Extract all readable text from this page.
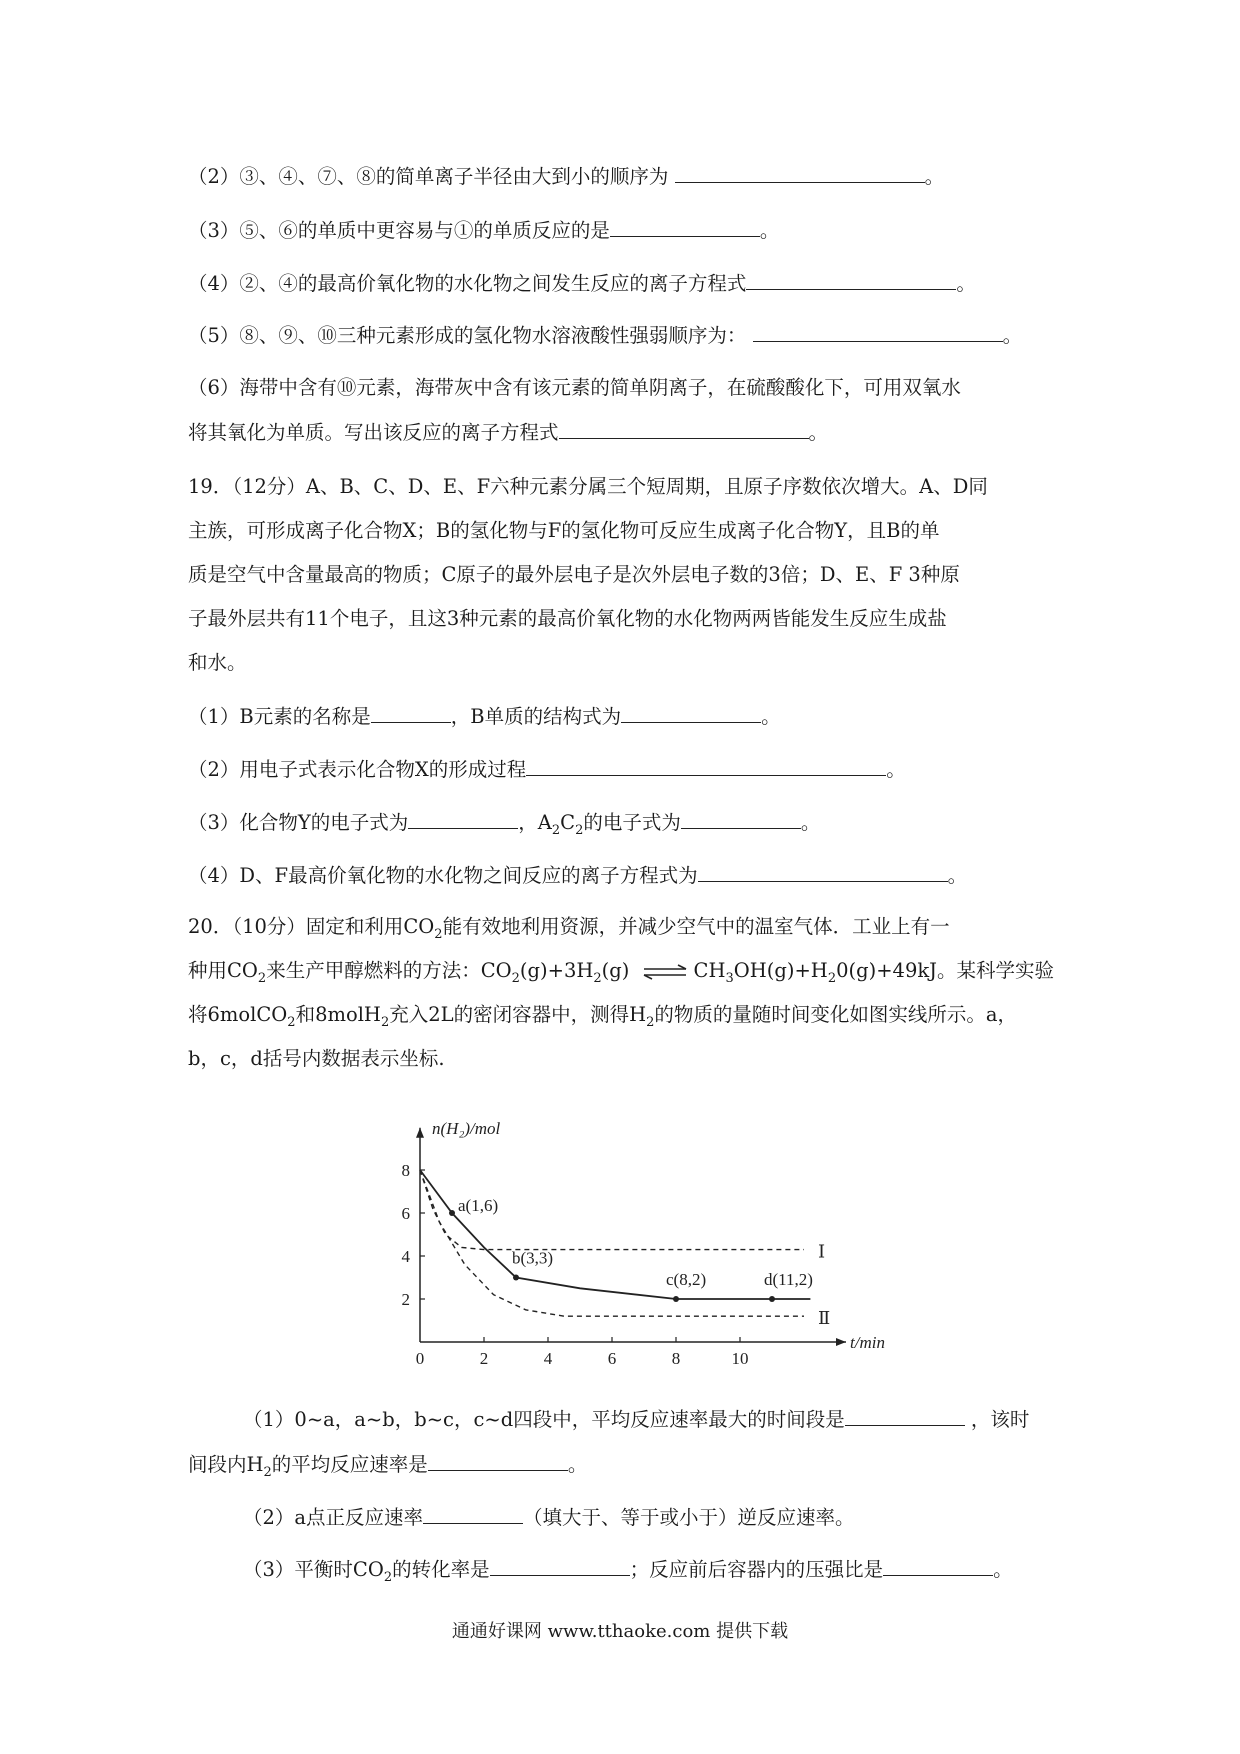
（2）③、④、⑦、⑧的简单离子半径由大到小的顺序为	。
（3）⑤、⑥的单质中更容易与①的单质反应的是	。
（4）②、④的最高价氧化物的水化物之间发生反应的离子方程式	。
（5）⑧、⑨、⑩三种元素形成的氢化物水溶液酸性强弱顺序为：	。
（6）海带中含有⑩元素，海带灰中含有该元素的简单阴离子，在硫酸酸化下，可用双氧水
将其氧化为单质。写出该反应的离子方程式	。
19．（12分）A、B、C、D、E、F六种元素分属三个短周期，且原子序数依次增大。A、D同
主族，可形成离子化合物X；B的氢化物与F的氢化物可反应生成离子化合物Y，且B的单
质是空气中含量最高的物质；C原子的最外层电子是次外层电子数的3倍；D、E、F 3种原
子最外层共有11个电子，且这3种元素的最高价氧化物的水化物两两皆能发生反应生成盐
和水。
（1）B元素的名称是	，B单质的结构式为	。
（2）用电子式表示化合物X的形成过程	。
（3）化合物Y的电子式为	，$A_2C_2$的电子式为	。
（4）D、F最高价氧化物的水化物之间反应的离子方程式为	。
20．（10分）固定和利用$CO_2$能有效地利用资源，并减少空气中的温室气体．工业上有一
种用$CO_2$来生产甲醇燃料的方法：$CO_2(g)+3H_2(g)$ ⇌ $CH_3OH(g)+H_20(g)+49kJ$。某科学实验
将6molCO$_2$和8molH$_2$充入2L的密闭容器中，测得$H_2$的物质的量随时间变化如图实线所示。a，
b，c，d括号内数据表示坐标.
0	2	4	6	8	10
2
4
6
8
n(H₂)/mol
t/min
Ⅰ
Ⅱ
a(1,6)
b(3,3)
c(8,2)	d(11,2)
（1）0~a，a~b，b~c，c~d四段中，平均反应速率最大的时间段是	，该时
间段内$H_2$的平均反应速率是	。
（2）a点正反应速率	（填大于、等于或小于）逆反应速率。
（3）平衡时$CO_2$的转化率是	；反应前后容器内的压强比是	。
通通好课网 www.tthaoke.com 提供下载
